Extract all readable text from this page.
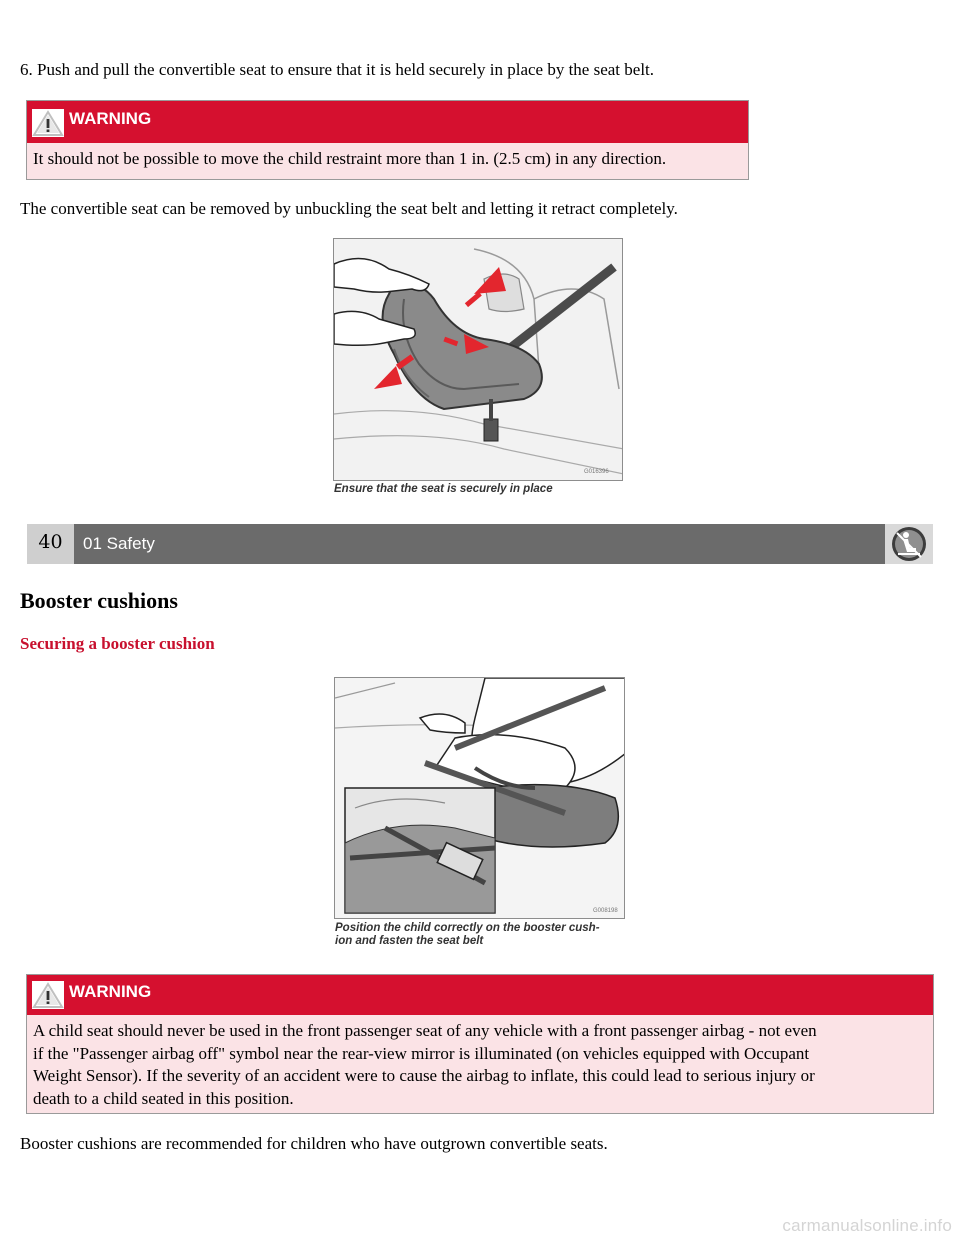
6. Push and pull the convertible seat to ensure that it is held securely in place by the seat belt.
WARNING
It should not be possible to move the child restraint more than 1 in. (2.5 cm) in any direction.
The convertible seat can be removed by unbuckling the seat belt and letting it retract completely.
G016396
Ensure that the seat is securely in place
40	01 Safety
Booster cushions
Securing a booster cushion
G008198
Position the child correctly on the booster cush-
ion and fasten the seat belt
WARNING
A child seat should never be used in the front passenger seat of any vehicle with a front passenger airbag - not even
if the "Passenger airbag off" symbol near the rear-view mirror is illuminated (on vehicles equipped with Occupant
Weight Sensor). If the severity of an accident were to cause the airbag to inflate, this could lead to serious injury or
death to a child seated in this position.
Booster cushions are recommended for children who have outgrown convertible seats.
carmanualsonline.info
